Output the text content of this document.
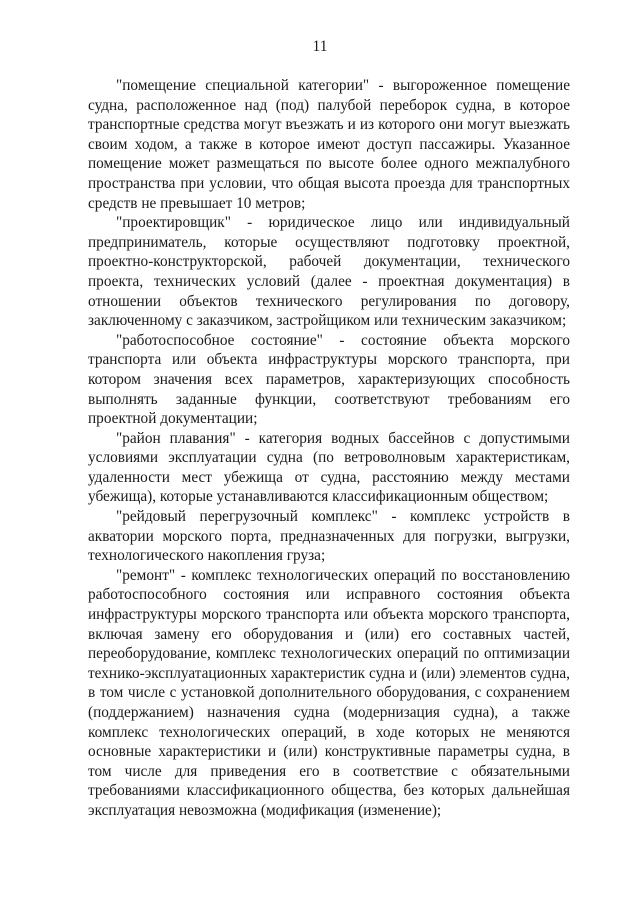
11

"помещение специальной категории" - выгороженное помещение судна, расположенное над (под) палубой переборок судна, в которое транспортные средства могут въезжать и из которого они могут выезжать своим ходом, а также в которое имеют доступ пассажиры. Указанное помещение может размещаться по высоте более одного межпалубного пространства при условии, что общая высота проезда для транспортных средств не превышает 10 метров;

"проектировщик" - юридическое лицо или индивидуальный предприниматель, которые осуществляют подготовку проектной, проектно-конструкторской, рабочей документации, технического проекта, технических условий (далее - проектная документация) в отношении объектов технического регулирования по договору, заключенному с заказчиком, застройщиком или техническим заказчиком;

"работоспособное состояние" - состояние объекта морского транспорта или объекта инфраструктуры морского транспорта, при котором значения всех параметров, характеризующих способность выполнять заданные функции, соответствуют требованиям его проектной документации;

"район плавания" - категория водных бассейнов с допустимыми условиями эксплуатации судна (по ветроволновым характеристикам, удаленности мест убежища от судна, расстоянию между местами убежища), которые устанавливаются классификационным обществом;

"рейдовый перегрузочный комплекс" - комплекс устройств в акватории морского порта, предназначенных для погрузки, выгрузки, технологического накопления груза;

"ремонт" - комплекс технологических операций по восстановлению работоспособного состояния или исправного состояния объекта инфраструктуры морского транспорта или объекта морского транспорта, включая замену его оборудования и (или) его составных частей, переоборудование, комплекс технологических операций по оптимизации технико-эксплуатационных характеристик судна и (или) элементов судна, в том числе с установкой дополнительного оборудования, с сохранением (поддержанием) назначения судна (модернизация судна), а также комплекс технологических операций, в ходе которых не меняются основные характеристики и (или) конструктивные параметры судна, в том числе для приведения его в соответствие с обязательными требованиями классификационного общества, без которых дальнейшая эксплуатация невозможна (модификация (изменение);
